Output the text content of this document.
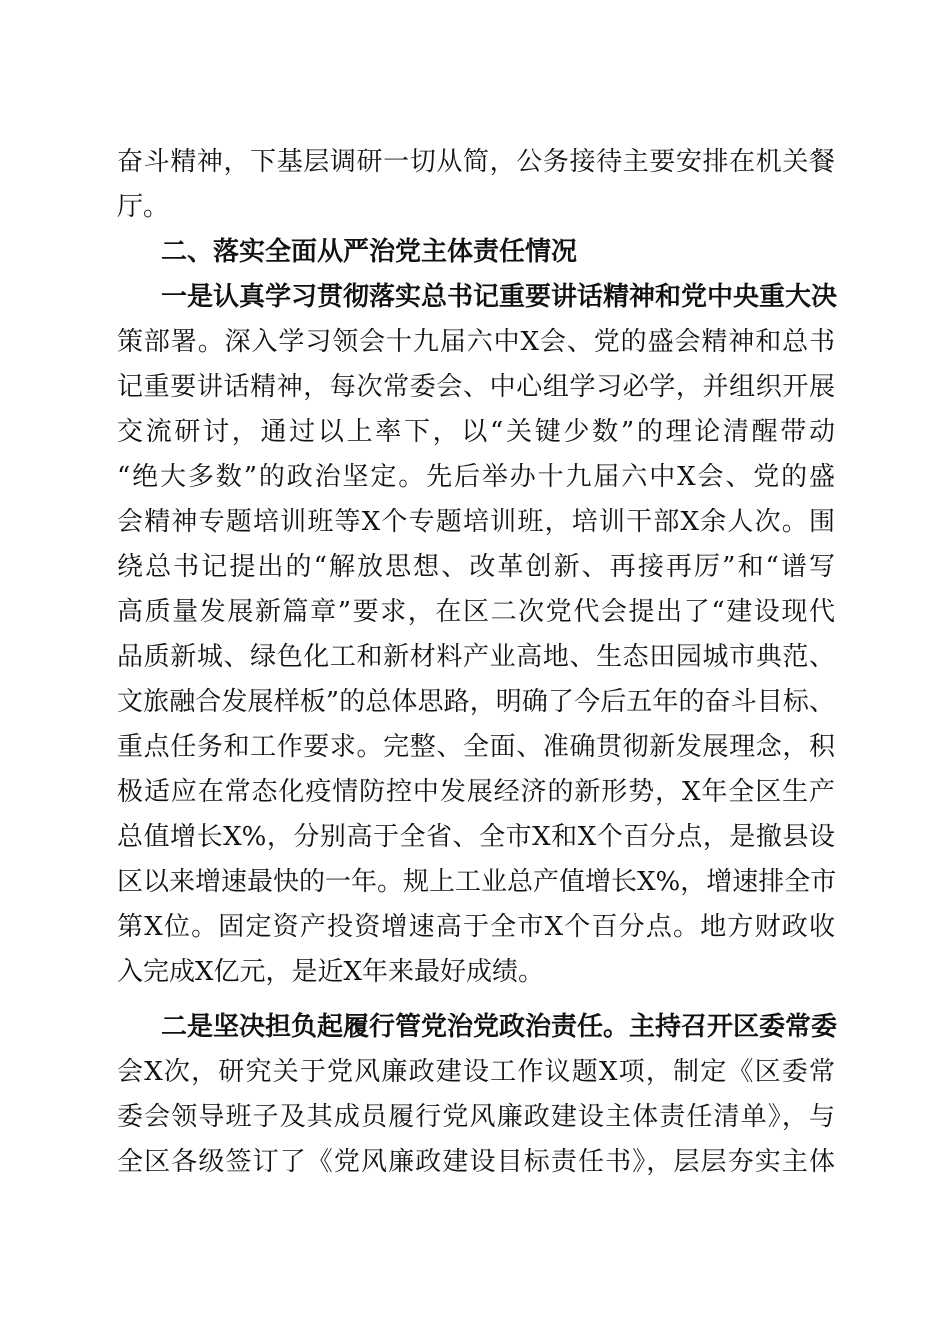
奋斗精神，下基层调研一切从简，公务接待主要安排在机关餐
厅。
二、落实全面从严治党主体责任情况
一是认真学习贯彻落实总书记重要讲话精神和党中央重大决
策部署。深入学习领会十九届六中X会、党的盛会精神和总书
记重要讲话精神，每次常委会、中心组学习必学，并组织开展
交流研讨，通过以上率下，以“关键少数”的理论清醒带动
“绝大多数”的政治坚定。先后举办十九届六中X会、党的盛
会精神专题培训班等X个专题培训班，培训干部X余人次。围
绕总书记提出的“解放思想、改革创新、再接再厉”和“谱写
高质量发展新篇章”要求，在区二次党代会提出了“建设现代
品质新城、绿色化工和新材料产业高地、生态田园城市典范、
文旅融合发展样板”的总体思路，明确了今后五年的奋斗目标、
重点任务和工作要求。完整、全面、准确贯彻新发展理念，积
极适应在常态化疫情防控中发展经济的新形势，X年全区生产
总值增长X%，分别高于全省、全市X和X个百分点，是撤县设
区以来增速最快的一年。规上工业总产值增长X%，增速排全市
第X位。固定资产投资增速高于全市X个百分点。地方财政收
入完成X亿元，是近X年来最好成绩。
二是坚决担负起履行管党治党政治责任。主持召开区委常委
会X次，研究关于党风廉政建设工作议题X项，制定《区委常
委会领导班子及其成员履行党风廉政建设主体责任清单》，与
全区各级签订了《党风廉政建设目标责任书》，层层夯实主体
